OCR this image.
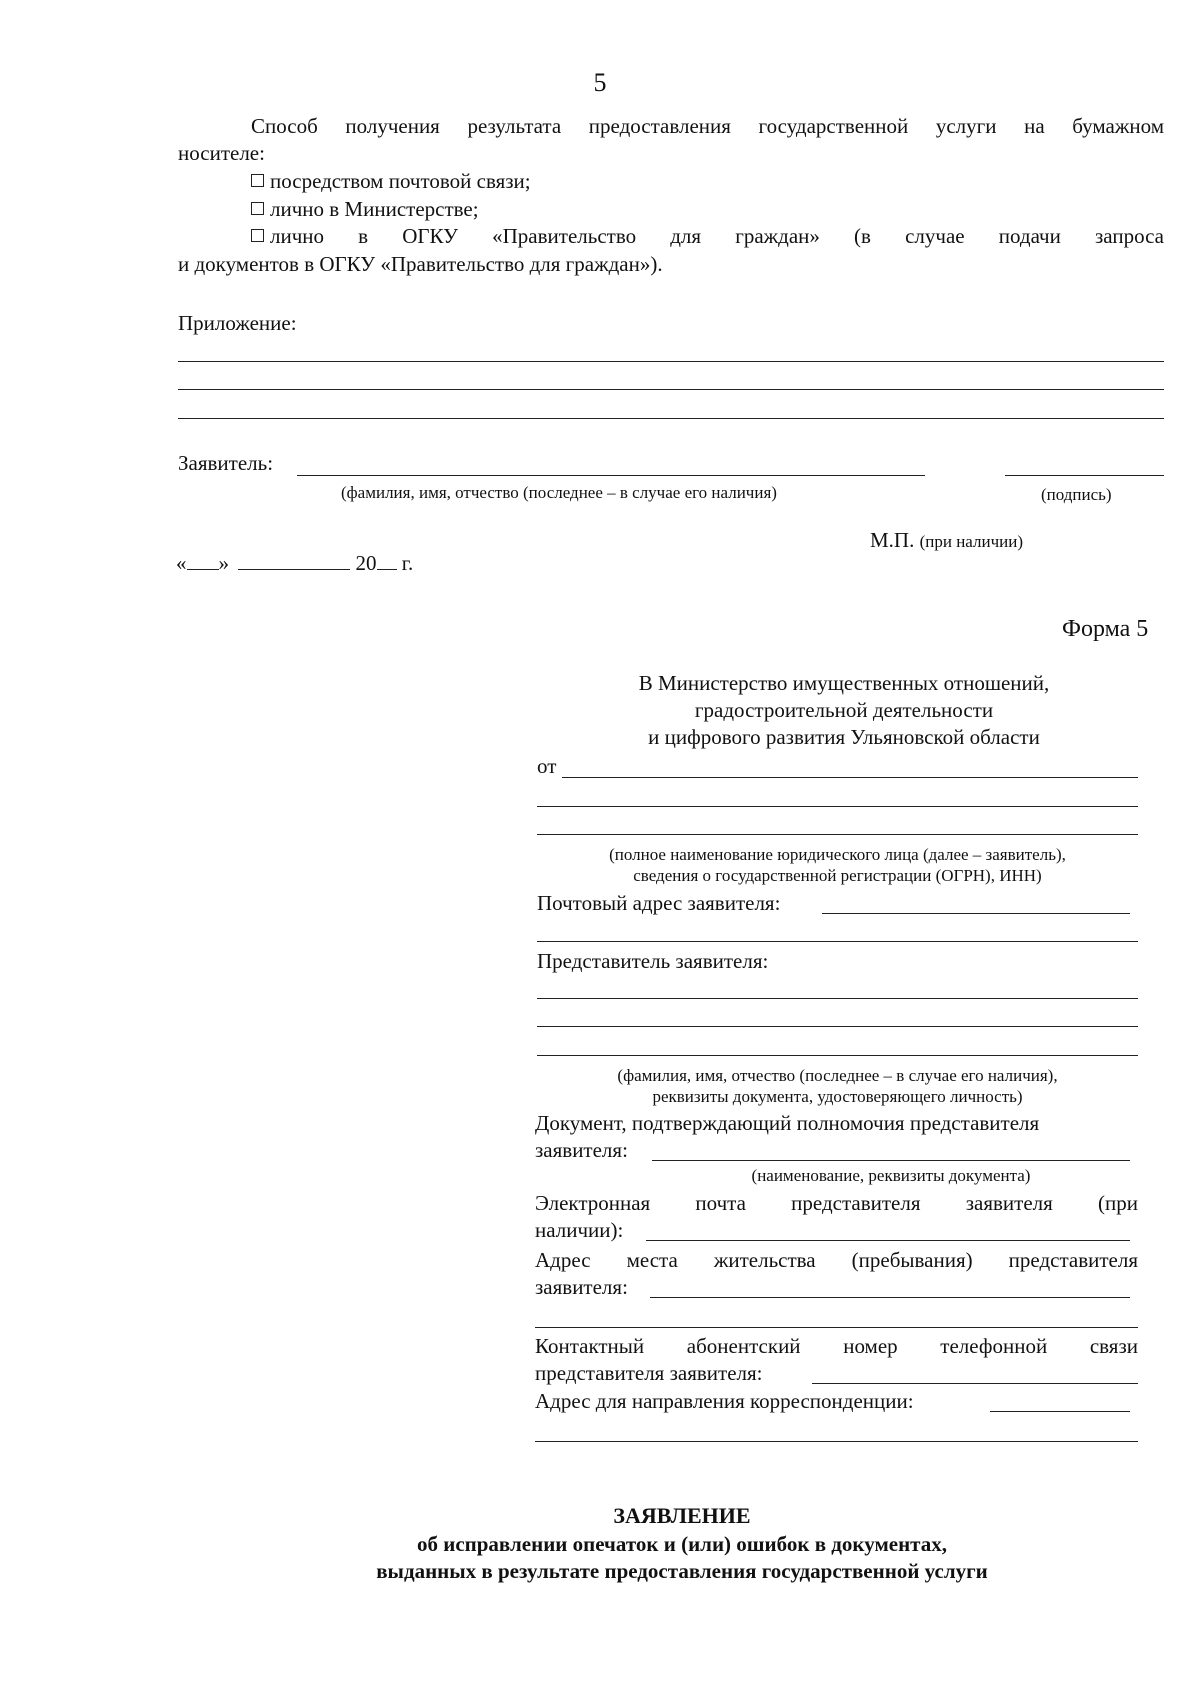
5
Способ получения результата предоставления государственной услуги на бумажном
носителе:
посредством почтовой связи;
лично в Министерстве;
лично в ОГКУ «Правительство для граждан» (в случае подачи запроса
и документов в ОГКУ «Правительство для граждан»).
Приложение:
Заявитель:
(фамилия, имя, отчество (последнее – в случае его наличия)	(подпись)
М.П. (при наличии)
« »	20 г.
Форма 5
В Министерство имущественных отношений,
градостроительной деятельности
и цифрового развития Ульяновской области
от
(полное наименование юридического лица (далее – заявитель),
сведения о государственной регистрации (ОГРН), ИНН)
Почтовый адрес заявителя:
Представитель заявителя:
(фамилия, имя, отчество (последнее – в случае его наличия),
реквизиты документа, удостоверяющего личность)
Документ, подтверждающий полномочия представителя
заявителя:
(наименование, реквизиты документа)
Электронная почта представителя заявителя (при
наличии):
Адрес места жительства (пребывания) представителя
заявителя:
Контактный абонентский номер телефонной связи
представителя заявителя:
Адрес для направления корреспонденции:
ЗАЯВЛЕНИЕ
об исправлении опечаток и (или) ошибок в документах,
выданных в результате предоставления государственной услуги
